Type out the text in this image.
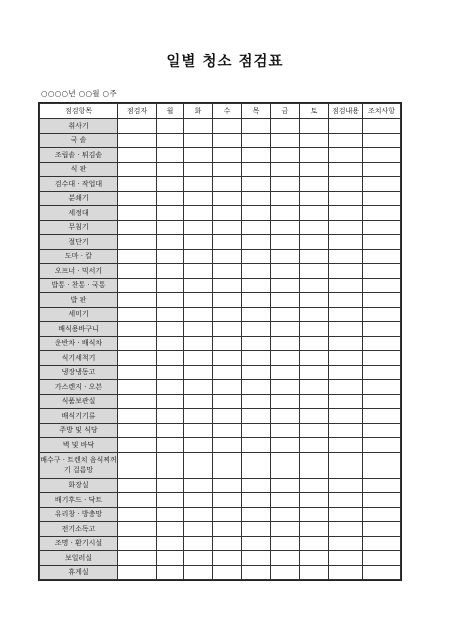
일별 청소 점검표
○○○○년 ○○월 ○주
점검항목	점검자	월	화	수	목	금	토	점검내용	조치사항
취사기									
국 솥									
조립솥 · 튀김솥									
식 판									
검수대 · 작업대									
분쇄기									
세정대									
무침기									
절단기									
도마 · 칼									
오프너 · 믹서기									
밥통 · 찬통 · 국통									
밥 판									
세미기									
배식용바구니									
운반차 · 배식차									
식기세척기									
냉장냉동고									
가스렌지 · 오븐									
식품보관실									
배식기기류									
주방 및 식당									
벽 및 바닥									
배수구 · 트렌치 음식찌꺼기 걸름망									
화장실									
배기후드 · 닥트									
유리창 · 방충망									
전기소독고									
조명 · 환기시설									
보일러실									
휴게실									
